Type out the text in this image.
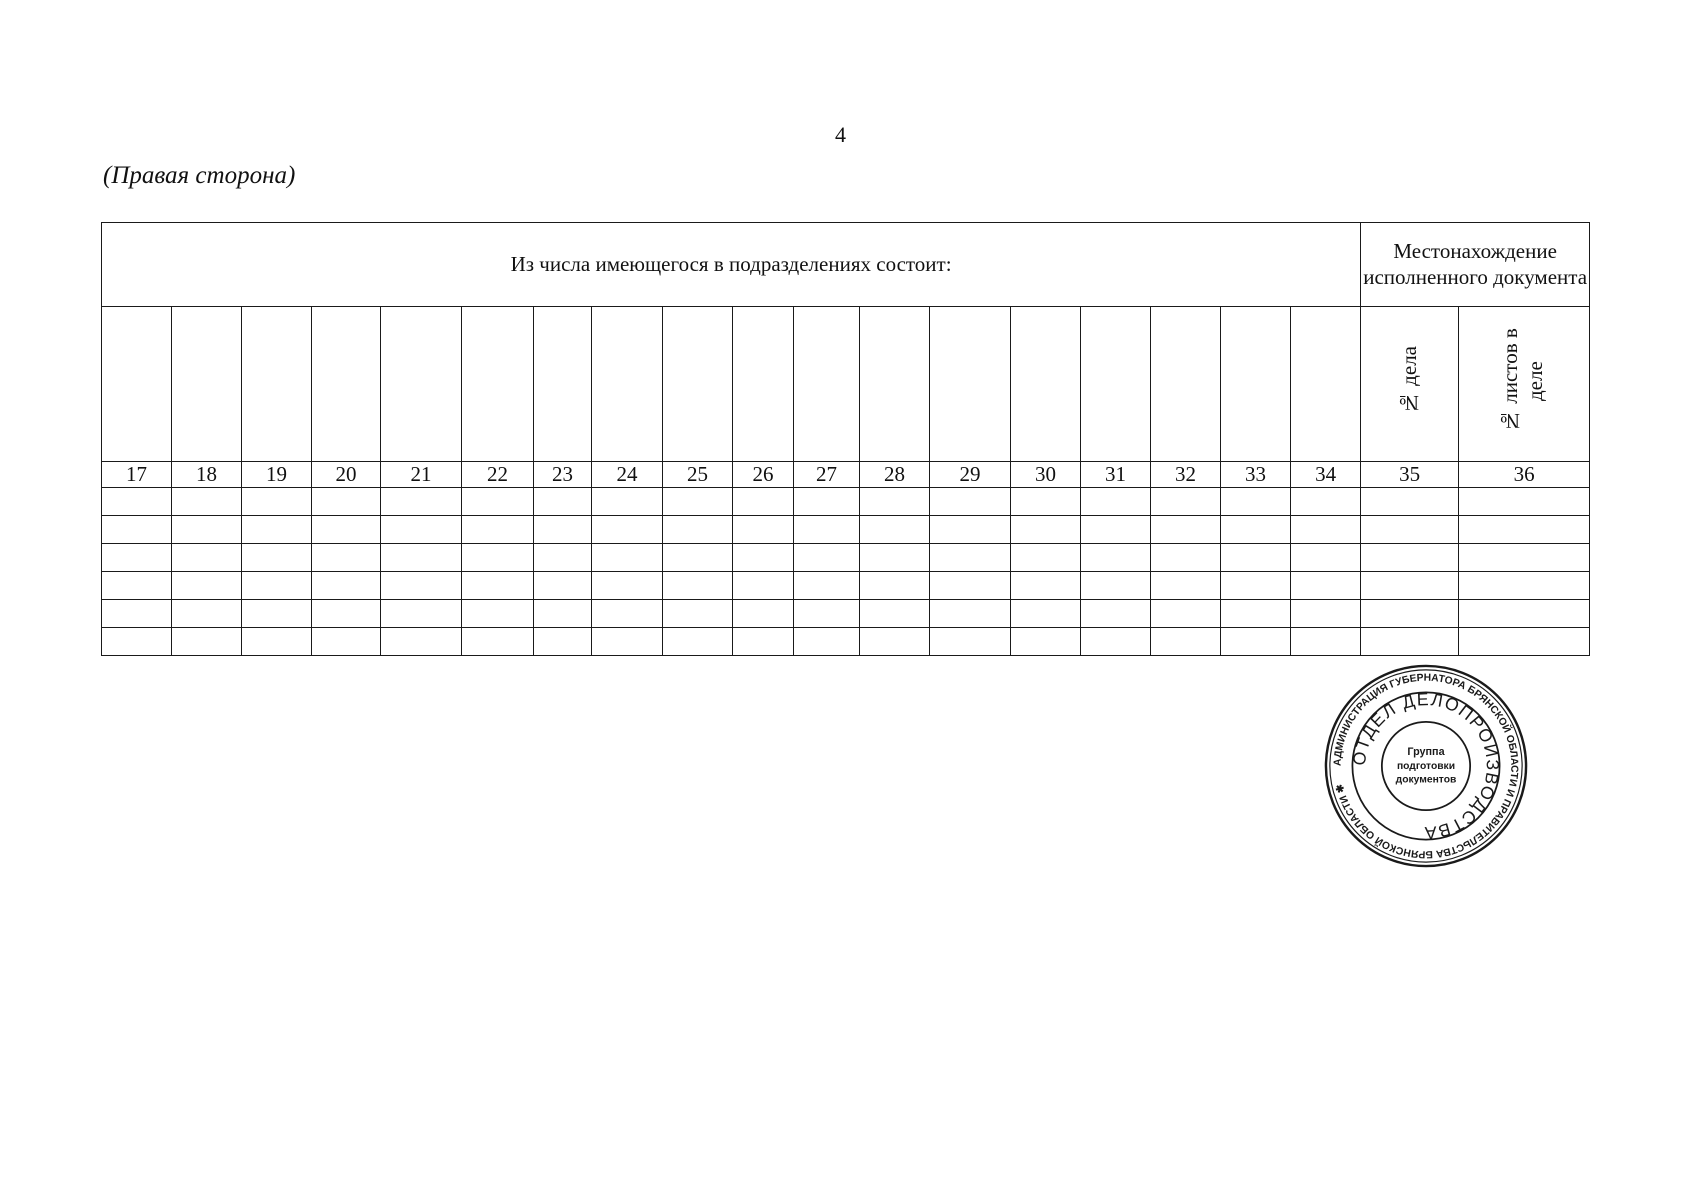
4
(Правая сторона)
Из числа имеющегося в подразделениях состоит:																		Местонахождение исполненного документа	
																		№ дела	№ листов в деле
17	18	19	20	21	22	23	24	25	26	27	28	29	30	31	32	33	34	35	36

АДМИНИСТРАЦИЯ ГУБЕРНАТОРА БРЯНСКОЙ ОБЛАСТИ И ПРАВИТЕЛЬСТВА БРЯНСКОЙ ОБЛАСТИ ✱
ОТДЕЛ ДЕЛОПРОИЗВОДСТВА
Группа
подготовки
документов
